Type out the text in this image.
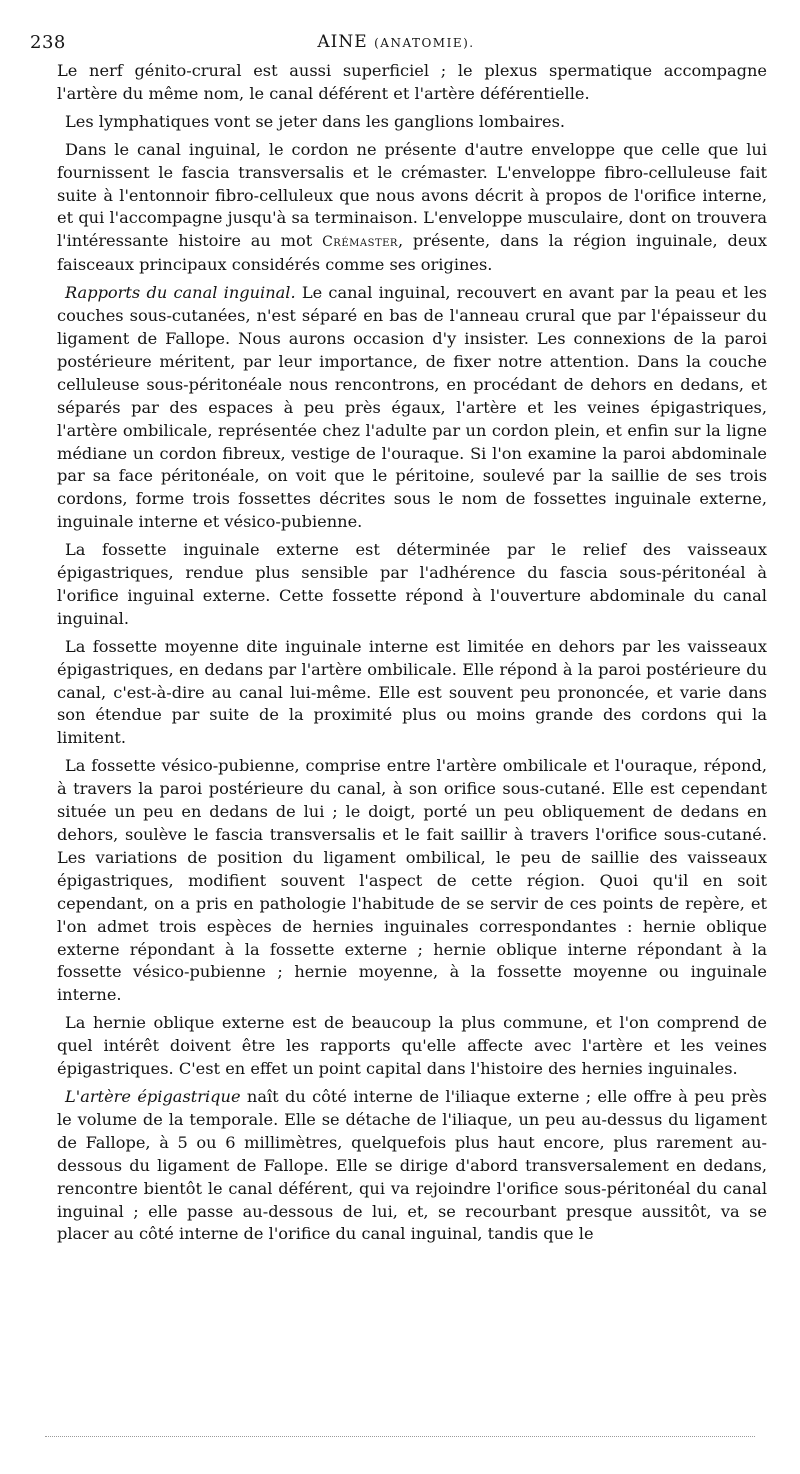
238	AINE (ANATOMIE).

Le nerf génito-crural est aussi superficiel ; le plexus spermatique accompagne l'artère du même nom, le canal déférent et l'artère déférentielle.

Les lymphatiques vont se jeter dans les ganglions lombaires.

Dans le canal inguinal, le cordon ne présente d'autre enveloppe que celle que lui fournissent le fascia transversalis et le crémaster. L'enveloppe fibro-celluleuse fait suite à l'entonnoir fibro-celluleux que nous avons décrit à propos de l'orifice interne, et qui l'accompagne jusqu'à sa terminaison. L'enveloppe musculaire, dont on trouvera l'intéressante histoire au mot Crémaster, présente, dans la région inguinale, deux faisceaux principaux considérés comme ses origines.

Rapports du canal inguinal. Le canal inguinal, recouvert en avant par la peau et les couches sous-cutanées, n'est séparé en bas de l'anneau crural que par l'épaisseur du ligament de Fallope. Nous aurons occasion d'y insister. Les connexions de la paroi postérieure méritent, par leur importance, de fixer notre attention. Dans la couche celluleuse sous-péritonéale nous rencontrons, en procédant de dehors en dedans, et séparés par des espaces à peu près égaux, l'artère et les veines épigastriques, l'artère ombilicale, représentée chez l'adulte par un cordon plein, et enfin sur la ligne médiane un cordon fibreux, vestige de l'ouraque. Si l'on examine la paroi abdominale par sa face péritonéale, on voit que le péritoine, soulevé par la saillie de ses trois cordons, forme trois fossettes décrites sous le nom de fossettes inguinale externe, inguinale interne et vésico-pubienne.

La fossette inguinale externe est déterminée par le relief des vaisseaux épigastriques, rendue plus sensible par l'adhérence du fascia sous-péritonéal à l'orifice inguinal externe. Cette fossette répond à l'ouverture abdominale du canal inguinal.

La fossette moyenne dite inguinale interne est limitée en dehors par les vaisseaux épigastriques, en dedans par l'artère ombilicale. Elle répond à la paroi postérieure du canal, c'est-à-dire au canal lui-même. Elle est souvent peu prononcée, et varie dans son étendue par suite de la proximité plus ou moins grande des cordons qui la limitent.

La fossette vésico-pubienne, comprise entre l'artère ombilicale et l'ouraque, répond, à travers la paroi postérieure du canal, à son orifice sous-cutané. Elle est cependant située un peu en dedans de lui ; le doigt, porté un peu obliquement de dedans en dehors, soulève le fascia transversalis et le fait saillir à travers l'orifice sous-cutané. Les variations de position du ligament ombilical, le peu de saillie des vaisseaux épigastriques, modifient souvent l'aspect de cette région. Quoi qu'il en soit cependant, on a pris en pathologie l'habitude de se servir de ces points de repère, et l'on admet trois espèces de hernies inguinales correspondantes : hernie oblique externe répondant à la fossette externe ; hernie oblique interne répondant à la fossette vésico-pubienne ; hernie moyenne, à la fossette moyenne ou inguinale interne.

La hernie oblique externe est de beaucoup la plus commune, et l'on comprend de quel intérêt doivent être les rapports qu'elle affecte avec l'artère et les veines épigastriques. C'est en effet un point capital dans l'histoire des hernies inguinales.

L'artère épigastrique naît du côté interne de l'iliaque externe ; elle offre à peu près le volume de la temporale. Elle se détache de l'iliaque, un peu au-dessus du ligament de Fallope, à 5 ou 6 millimètres, quelquefois plus haut encore, plus rarement au-dessous du ligament de Fallope. Elle se dirige d'abord transversalement en dedans, rencontre bientôt le canal déférent, qui va rejoindre l'orifice sous-péritonéal du canal inguinal ; elle passe au-dessous de lui, et, se recourbant presque aussitôt, va se placer au côté interne de l'orifice du canal inguinal, tandis que le
